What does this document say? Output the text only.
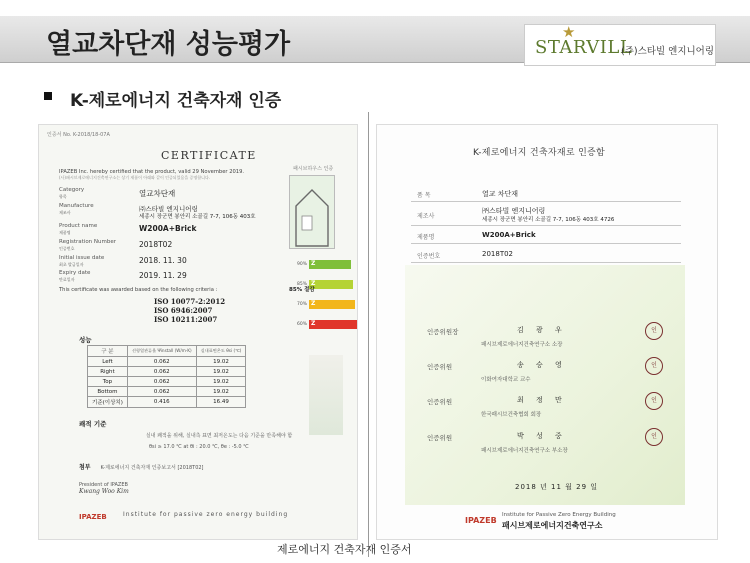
열교차단재 성능평가	★
STARVILL
(주)스타빌 엔지니어링
K-제로에너지 건축자재 인증
인증서 No. K-2018/18-07A
CERTIFICATE
IPAZEB Inc. hereby certified that the product, valid 29 November 2019.
(사)패시브제로에너지건축연구소는 상기 제품이 아래와 같이 인증되었음을 증명합니다.
Category
항목	열교차단재
Manufacture
제조사	㈜스타빌 엔지니어링
세종시 장군면 봉안리 소골길 7-7, 106동 403호
Product name
제품명	W200A+Brick
Registration Number
인증번호	2018T02
Initial issue date
최초 발급일자	2018. 11. 30
Expiry date
만료일자	2019. 11. 29
This certificate was awarded based on the following criteria :
ISO 10077-2:2012
ISO 6946:2007
ISO 10211:2007
패시브하우스 인증
Z
Z
Z
Z
90%
85%
70%
60%
85% 절감
성능
구 분	선형열관류율 Ψinstall (W/m·K)	실내표면온도 θsi (℃)
Left	0.062	19.02
Right	0.062	19.02
Top	0.062	19.02
Bottom	0.062	19.02
기준(이상치)	0.416	16.49
쾌적 기준
실내 쾌적을 위해, 실내측 표면 최저온도는 다음 기준을 만족해야 함
θsi ≥ 17.0 ℃ at θi : 20.0 ℃, θe : -5.0 ℃
첨부 K-제로에너지 건축자재 인증보고서 [2018T02]
President of IPAZEB
Kwang Woo Kim
IPAZEB	Institute for passive zero energy building
K-제로에너지 건축자재로 인증함
품 목	열교 차단재
제조사
㈜스타빌 엔지니어링
세종시 장군면 봉안리 소골길 7-7, 106동 403호 4726
제품명	W200A+Brick
인증번호	2018T02
인증위원장	김 광 우
패시브제로에너지건축연구소 소장
인
인증위원	송 승 영
이화여자대학교 교수
인
인증위원	최 정 만
한국패시브건축협회 회장
인
인증위원	박 성 중
패시브제로에너지건축연구소 부소장
인
2018 년 11 월 29 일
IPAZEB
Institute for Passive Zero Energy Building
패시브제로에너지건축연구소
제로에너지 건축자재 인증서
